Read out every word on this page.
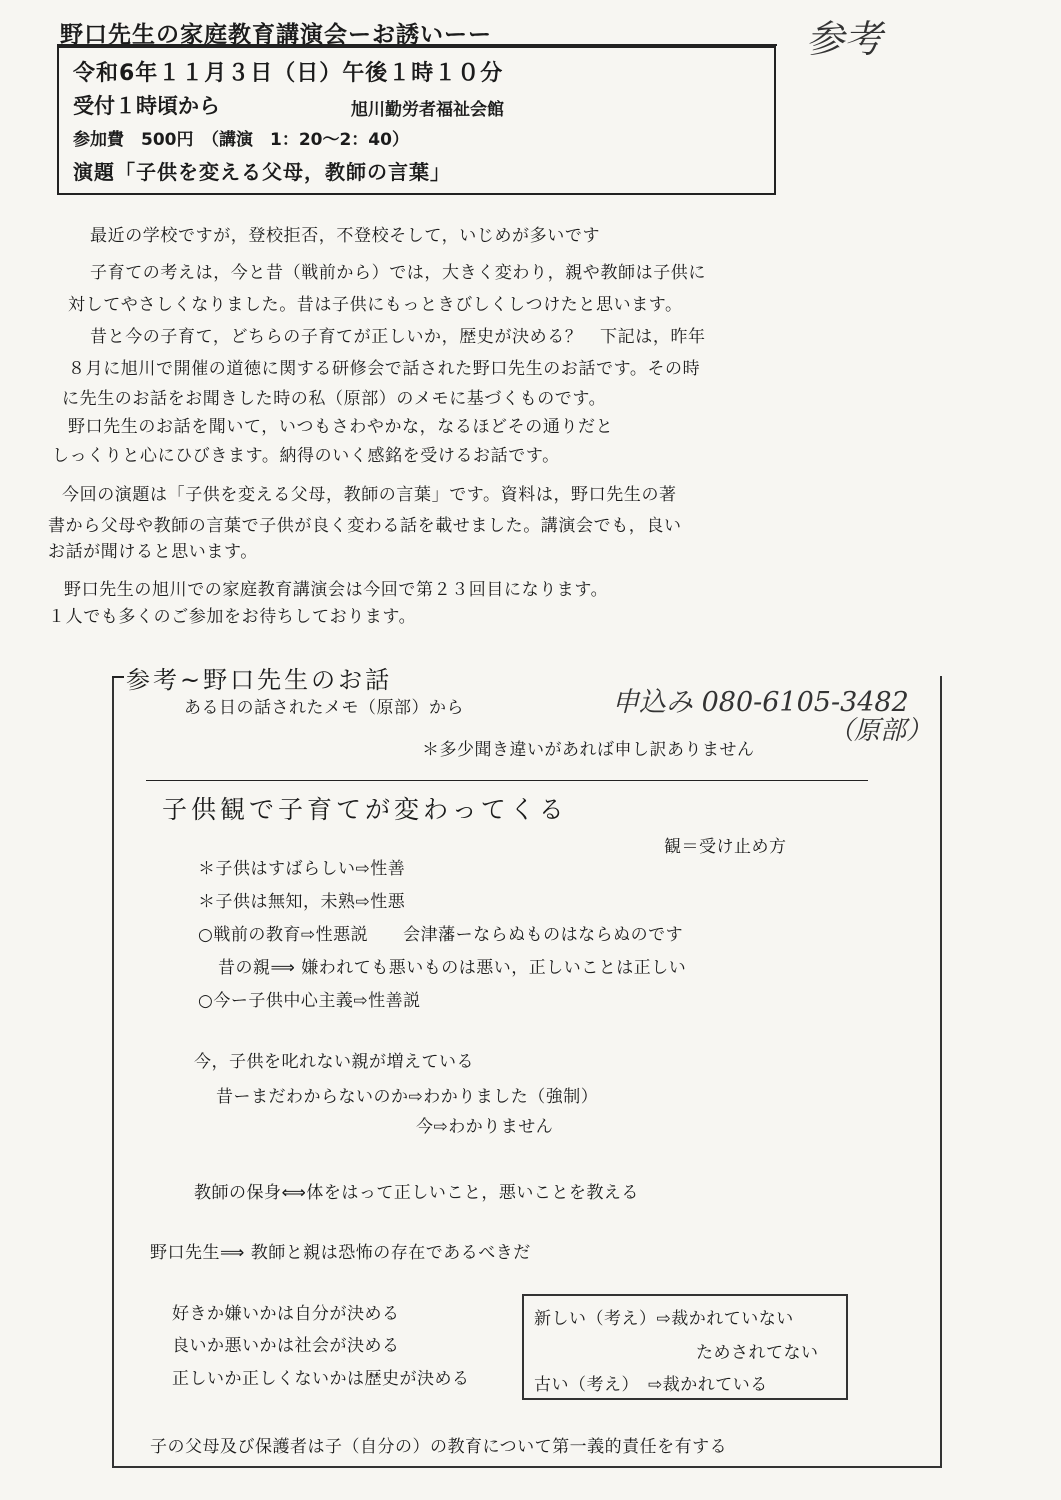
野口先生の家庭教育講演会ーお誘いーー	参考
令和6年１１月３日（日）午後１時１０分
受付１時頃から	旭川勤労者福祉会館
参加費　500円　（講演　1：20～2：40）
演題「子供を変える父母，教師の言葉」
最近の学校ですが，登校拒否，不登校そして，いじめが多いです
子育ての考えは，今と昔（戦前から）では，大きく変わり，親や教師は子供に
対してやさしくなりました。昔は子供にもっときびしくしつけたと思います。
昔と今の子育て，どちらの子育てが正しいか，歴史が決める？　下記は，昨年
８月に旭川で開催の道徳に関する研修会で話された野口先生のお話です。その時
に先生のお話をお聞きした時の私（原部）のメモに基づくものです。
野口先生のお話を聞いて，いつもさわやかな，なるほどその通りだと
しっくりと心にひびきます。納得のいく感銘を受けるお話です。
今回の演題は「子供を変える父母，教師の言葉」です。資料は，野口先生の著
書から父母や教師の言葉で子供が良く変わる話を載せました。講演会でも，良い
お話が聞けると思います。
野口先生の旭川での家庭教育講演会は今回で第２３回目になります。
１人でも多くのご参加をお待ちしております。
参考~野口先生のお話
ある日の話されたメモ（原部）から
＊多少聞き違いがあれば申し訳ありません
申込み 080-6105-3482
（原部）
子供観で子育てが変わってくる
観＝受け止め方
＊子供はすばらしい⇨性善
＊子供は無知，未熟⇨性悪
○戦前の教育⇨性悪説　　会津藩ーならぬものはならぬのです
昔の親⟹ 嫌われても悪いものは悪い，正しいことは正しい
○今ー子供中心主義⇨性善説
今，子供を叱れない親が増えている
昔ーまだわからないのか⇨わかりました（強制）
今⇨わかりません
教師の保身⟺体をはって正しいこと，悪いことを教える
野口先生⟹ 教師と親は恐怖の存在であるべきだ
好きか嫌いかは自分が決める
良いか悪いかは社会が決める
正しいか正しくないかは歴史が決める
新しい（考え）⇨裁かれていない
ためされてない
古い（考え）　⇨裁かれている
子の父母及び保護者は子（自分の）の教育について第一義的責任を有する
